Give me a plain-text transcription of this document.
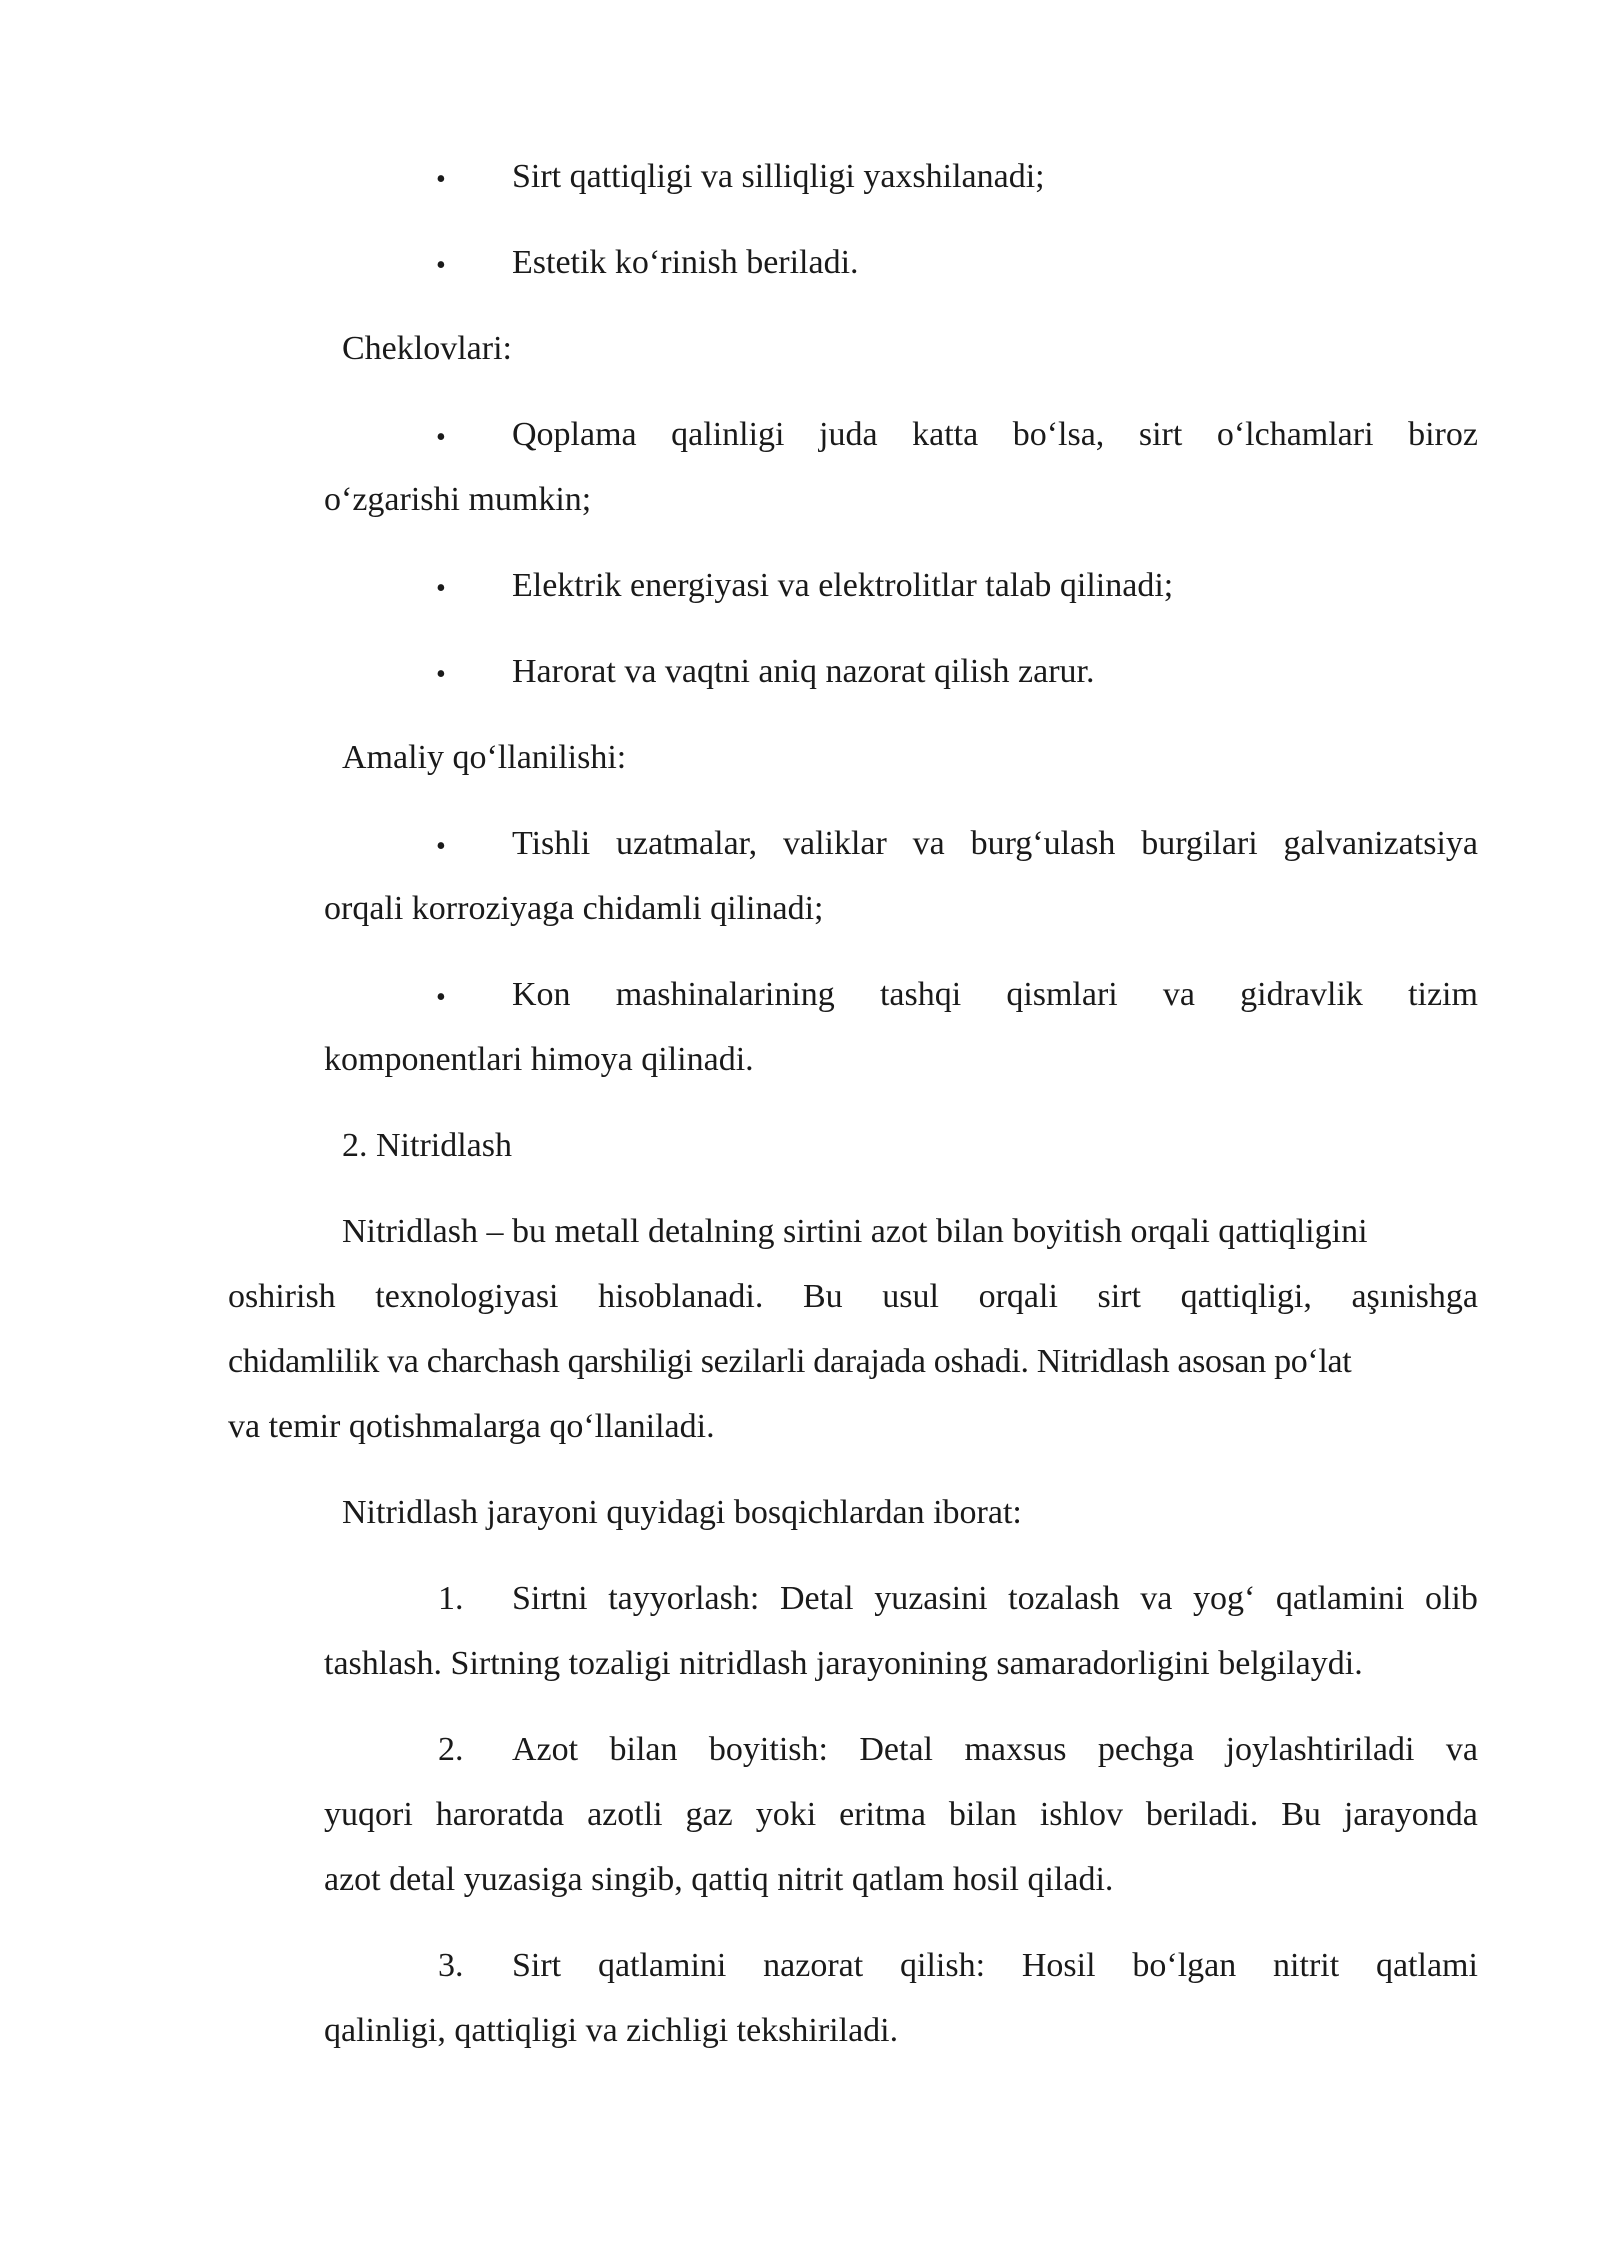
• Sirt qattiqligi va silliqligi yaxshilanadi;
• Estetik ko‘rinish beriladi.
Cheklovlari:
• Qoplama qalinligi juda katta bo‘lsa, sirt o‘lchamlari biroz
o‘zgarishi mumkin;
• Elektrik energiyasi va elektrolitlar talab qilinadi;
• Harorat va vaqtni aniq nazorat qilish zarur.
Amaliy qo‘llanilishi:
• Tishli uzatmalar, valiklar va burg‘ulash burgilari galvanizatsiya
orqali korroziyaga chidamli qilinadi;
• Kon mashinalarining tashqi qismlari va gidravlik tizim
komponentlari himoya qilinadi.
2. Nitridlash
Nitridlash – bu metall detalning sirtini azot bilan boyitish orqali qattiqligini
oshirish texnologiyasi hisoblanadi. Bu usul orqali sirt qattiqligi, aşınishga
chidamlilik va charchash qarshiligi sezilarli darajada oshadi. Nitridlash asosan po‘lat
va temir qotishmalarga qo‘llaniladi.
Nitridlash jarayoni quyidagi bosqichlardan iborat:
1. Sirtni tayyorlash: Detal yuzasini tozalash va yog‘ qatlamini olib
tashlash. Sirtning tozaligi nitridlash jarayonining samaradorligini belgilaydi.
2. Azot bilan boyitish: Detal maxsus pechga joylashtiriladi va
yuqori haroratda azotli gaz yoki eritma bilan ishlov beriladi. Bu jarayonda
azot detal yuzasiga singib, qattiq nitrit qatlam hosil qiladi.
3. Sirt qatlamini nazorat qilish: Hosil bo‘lgan nitrit qatlami
qalinligi, qattiqligi va zichligi tekshiriladi.
